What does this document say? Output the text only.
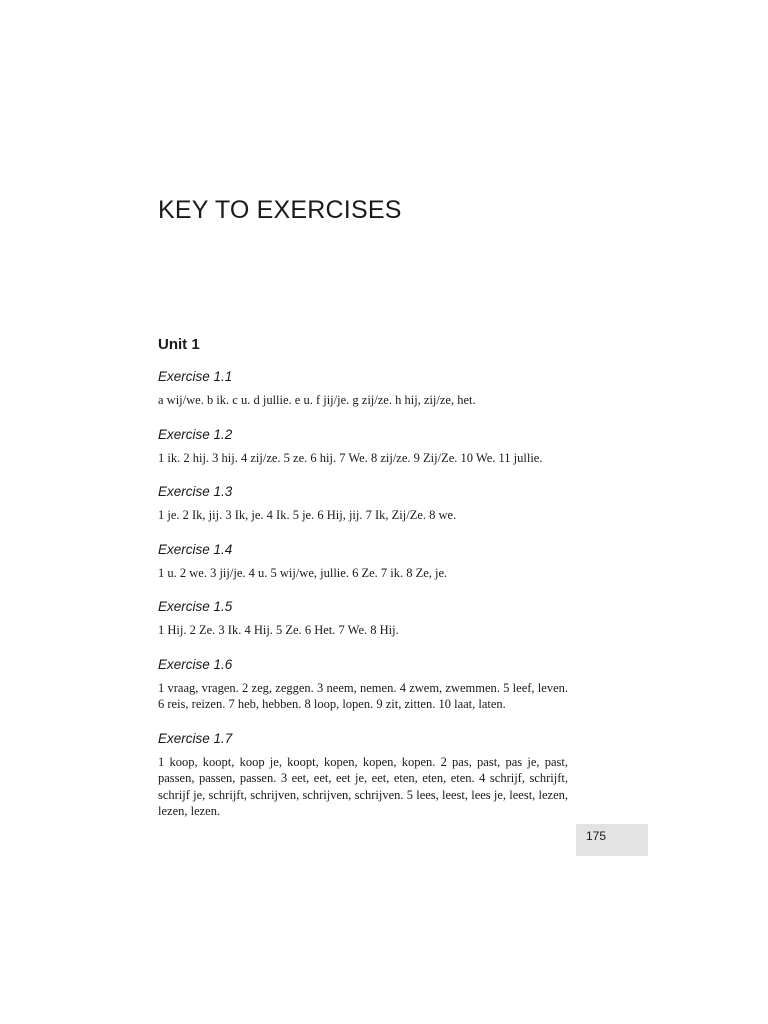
KEY TO EXERCISES
Unit 1
Exercise 1.1

a wij/we. b ik. c u. d jullie. e u. f jij/je. g zij/ze. h hij, zij/ze, het.

Exercise 1.2

1 ik. 2 hij. 3 hij. 4 zij/ze. 5 ze. 6 hij. 7 We. 8 zij/ze. 9 Zij/Ze. 10 We. 11 jullie.

Exercise 1.3

1 je. 2 Ik, jij. 3 Ik, je. 4 Ik. 5 je. 6 Hij, jij. 7 Ik, Zij/Ze. 8 we.

Exercise 1.4

1 u. 2 we. 3 jij/je. 4 u. 5 wij/we, jullie. 6 Ze. 7 ik. 8 Ze, je.

Exercise 1.5

1 Hij. 2 Ze. 3 Ik. 4 Hij. 5 Ze. 6 Het. 7 We. 8 Hij.

Exercise 1.6

1 vraag, vragen. 2 zeg, zeggen. 3 neem, nemen. 4 zwem, zwemmen. 5 leef, leven. 6 reis, reizen. 7 heb, hebben. 8 loop, lopen. 9 zit, zitten. 10 laat, laten.

Exercise 1.7

1 koop, koopt, koop je, koopt, kopen, kopen, kopen. 2 pas, past, pas je, past, passen, passen, passen. 3 eet, eet, eet je, eet, eten, eten, eten. 4 schrijf, schrijft, schrijf je, schrijft, schrijven, schrijven, schrijven. 5 lees, leest, lees je, leest, lezen, lezen, lezen.

175
